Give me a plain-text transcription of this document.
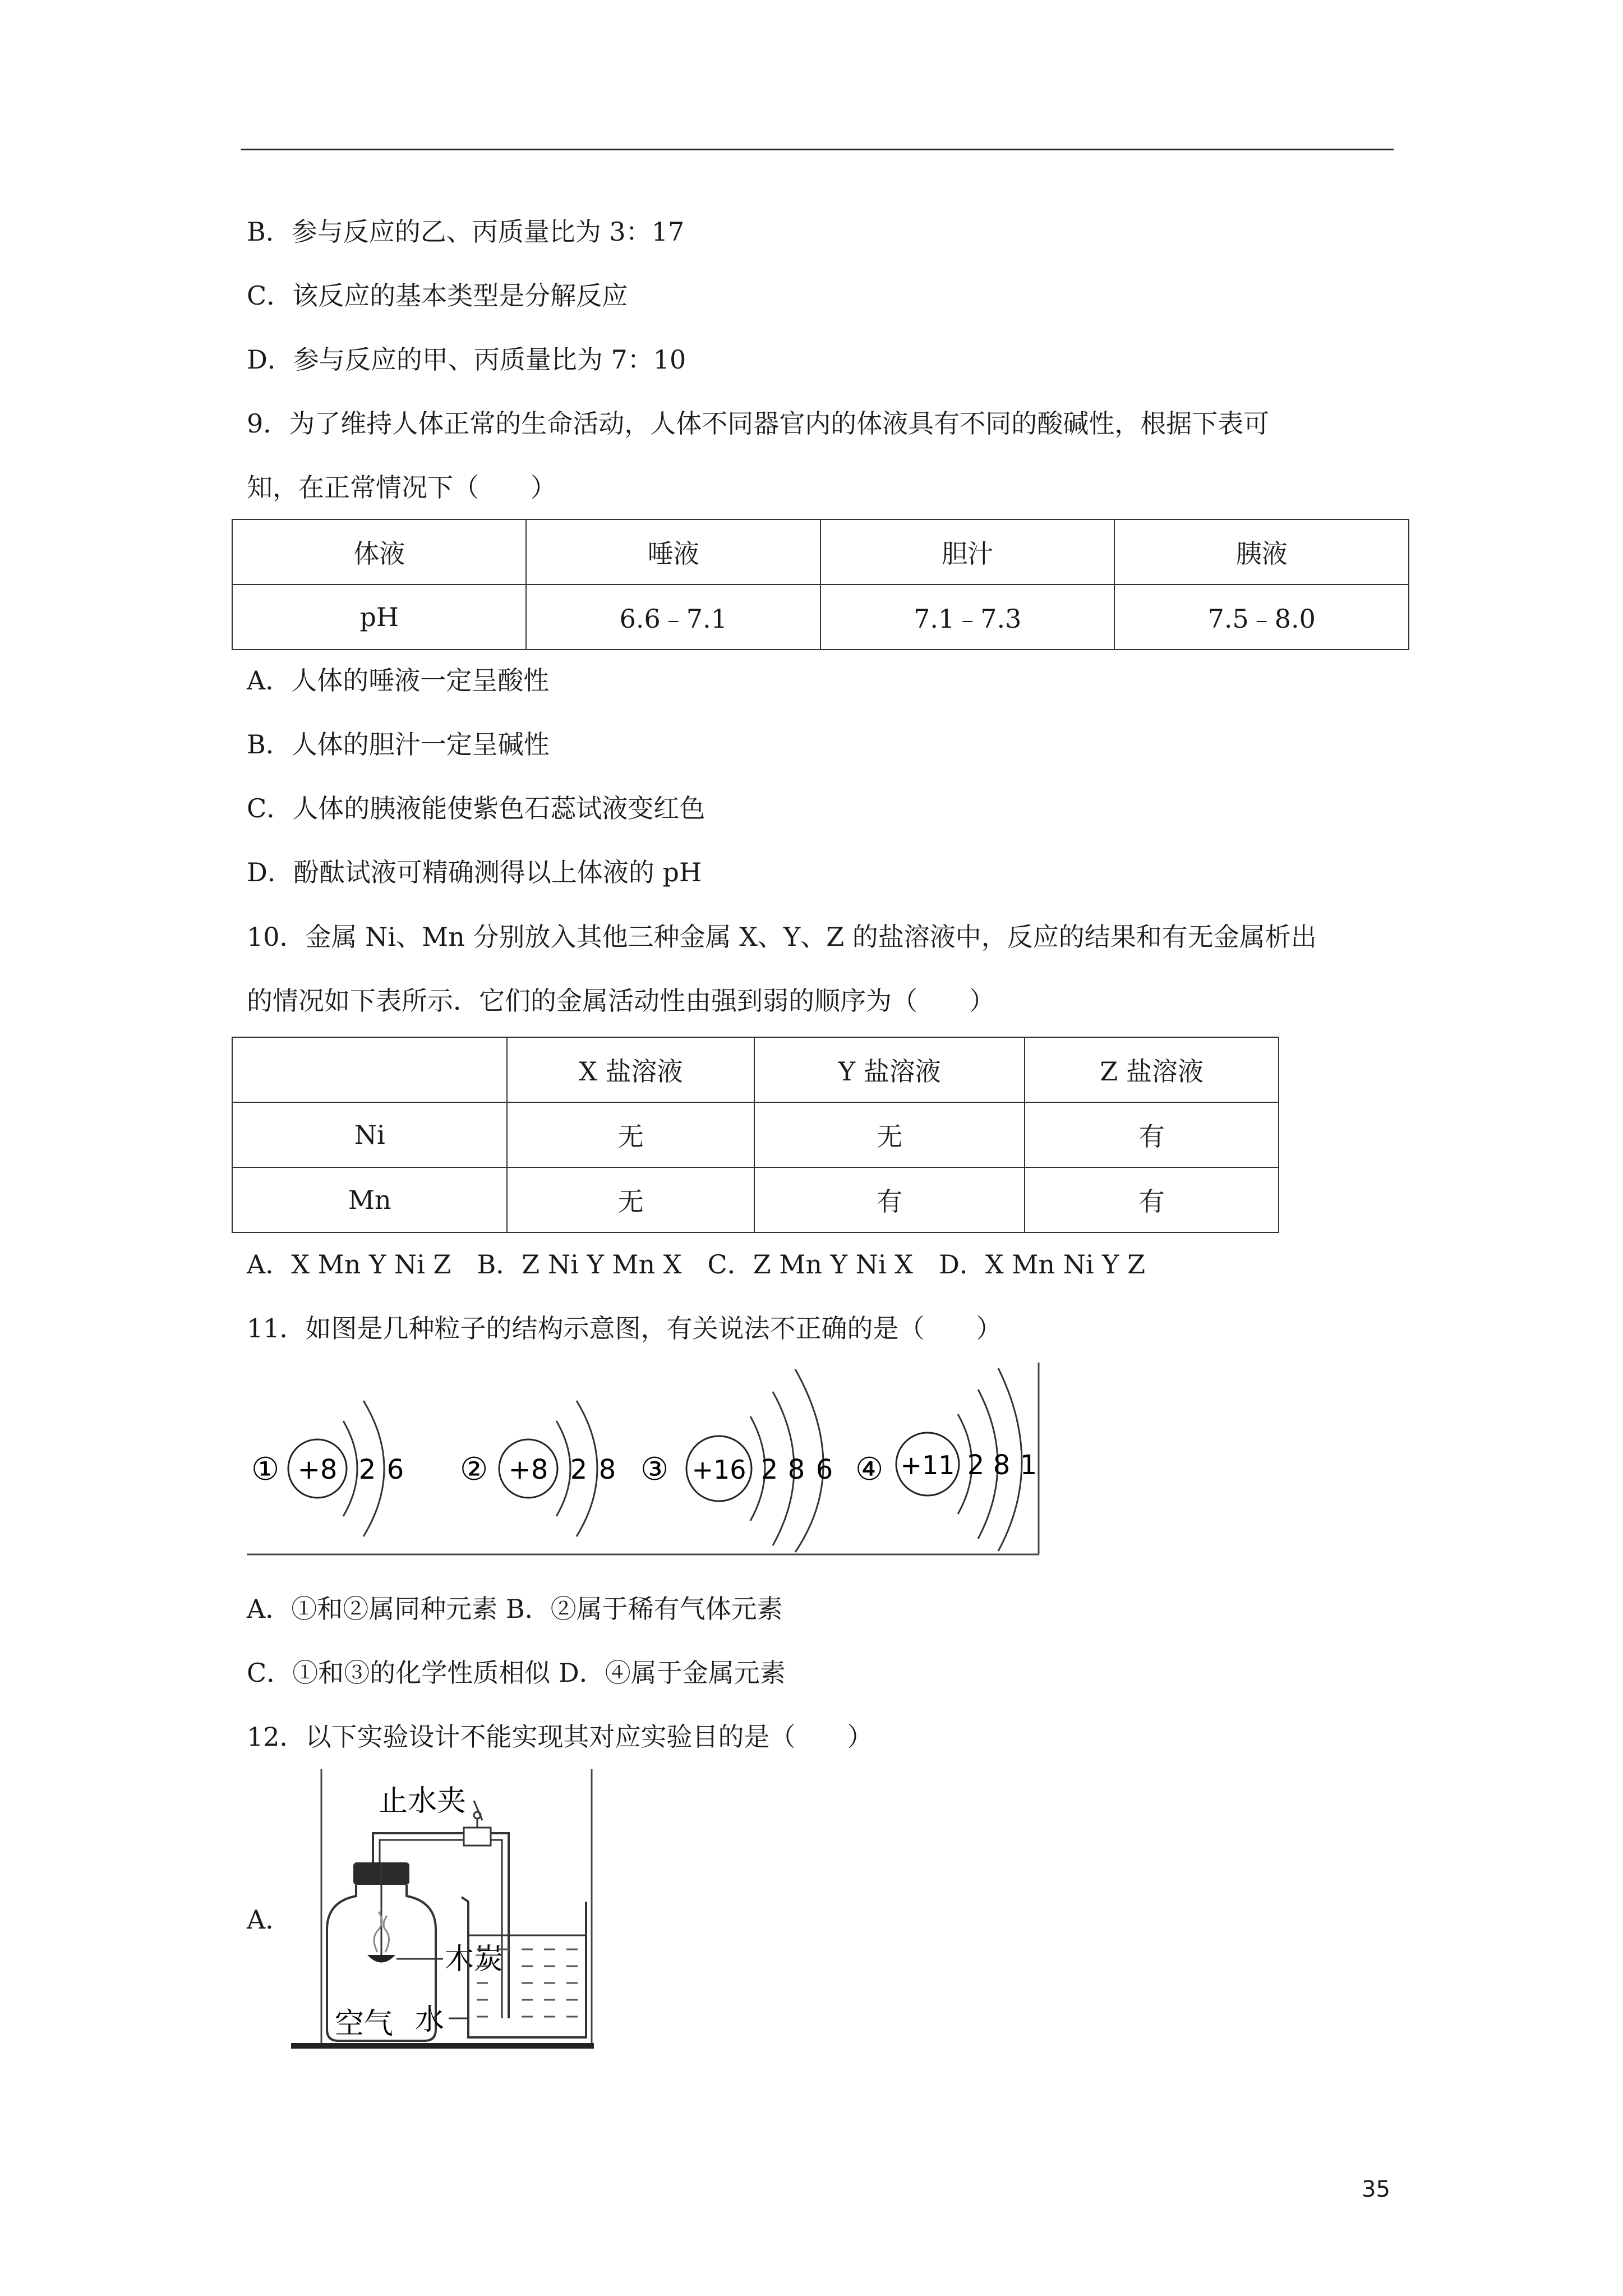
B．参与反应的乙、丙质量比为 3：17
C．该反应的基本类型是分解反应
D．参与反应的甲、丙质量比为 7：10
9．为了维持人体正常的生命活动，人体不同器官内的体液具有不同的酸碱性，根据下表可
知，在正常情况下（　　）
体液	唾液	胆汁	胰液
pH	6.6﹣7.1	7.1﹣7.3	7.5﹣8.0
A．人体的唾液一定呈酸性
B．人体的胆汁一定呈碱性
C．人体的胰液能使紫色石蕊试液变红色
D．酚酞试液可精确测得以上体液的 pH
10．金属 Ni、Mn 分别放入其他三种金属 X、Y、Z 的盐溶液中，反应的结果和有无金属析出
的情况如下表所示．它们的金属活动性由强到弱的顺序为（　　）
	X 盐溶液	Y 盐溶液	Z 盐溶液
Ni	无	无	有
Mn	无	有	有
A．X Mn Y Ni Z　B．Z Ni Y Mn X　C．Z Mn Y Ni X　D．X Mn Ni Y Z
11．如图是几种粒子的结构示意图，有关说法不正确的是（　　）
① +8 2 6 ② +8 2 8 ③ +16 2 8 6 ④ +11 2 8 1
A．①和②属同种元素 B．②属于稀有气体元素
C．①和③的化学性质相似 D．④属于金属元素
12．以下实验设计不能实现其对应实验目的是（　　）
A．
止水夹
木炭
空气 水
35
